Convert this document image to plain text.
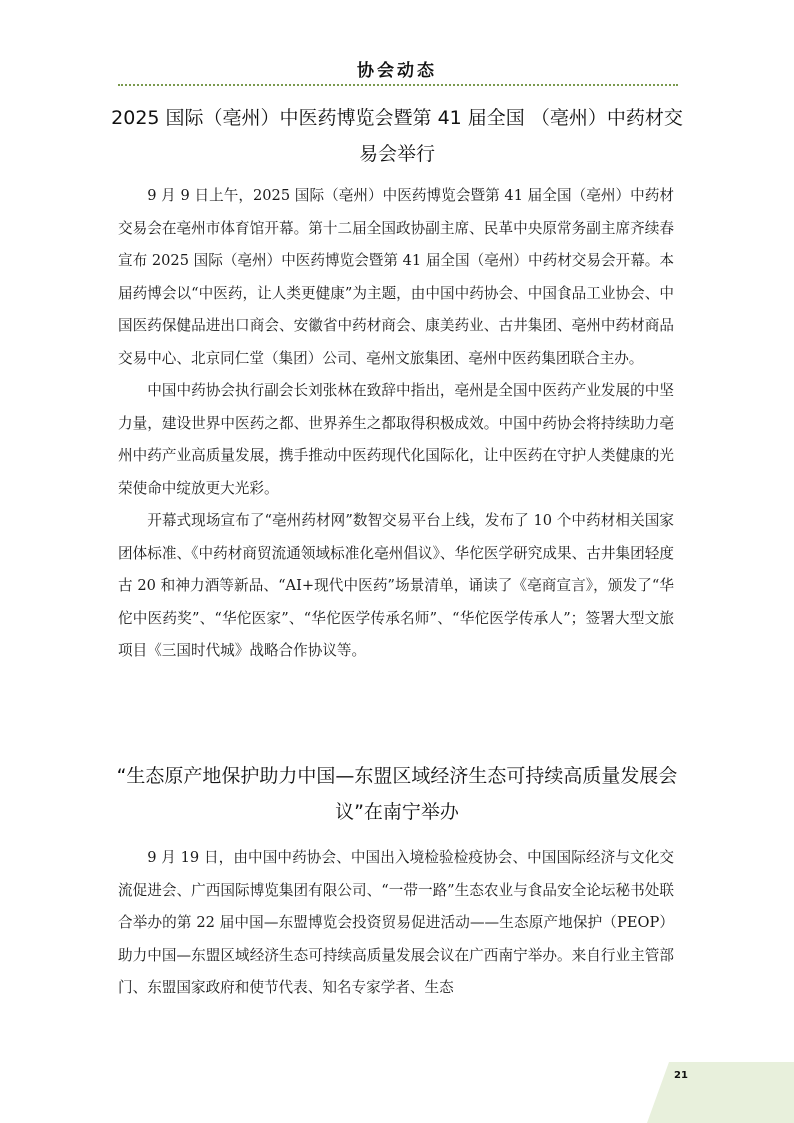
协会动态
2025 国际（亳州）中医药博览会暨第 41 届全国 （亳州）中药材交易会举行

9 月 9 日上午，2025 国际（亳州）中医药博览会暨第 41 届全国（亳州）中药材交易会在亳州市体育馆开幕。第十二届全国政协副主席、民革中央原常务副主席齐续春宣布 2025 国际（亳州）中医药博览会暨第 41 届全国（亳州）中药材交易会开幕。本届药博会以“中医药，让人类更健康”为主题，由中国中药协会、中国食品工业协会、中国医药保健品进出口商会、安徽省中药材商会、康美药业、古井集团、亳州中药材商品交易中心、北京同仁堂（集团）公司、亳州文旅集团、亳州中医药集团联合主办。

中国中药协会执行副会长刘张林在致辞中指出，亳州是全国中医药产业发展的中坚力量，建设世界中医药之都、世界养生之都取得积极成效。中国中药协会将持续助力亳州中药产业高质量发展，携手推动中医药现代化国际化，让中医药在守护人类健康的光荣使命中绽放更大光彩。

开幕式现场宣布了“亳州药材网”数智交易平台上线，发布了 10 个中药材相关国家团体标准、《中药材商贸流通领域标准化亳州倡议》、华佗医学研究成果、古井集团轻度古 20 和神力酒等新品、“AI+现代中医药”场景清单，诵读了《亳商宣言》，颁发了“华佗中医药奖”、“华佗医家”、“华佗医学传承名师”、“华佗医学传承人”；签署大型文旅项目《三国时代城》战略合作协议等。

“生态原产地保护助力中国—东盟区域经济生态可持续高质量发展会议”在南宁举办

9 月 19 日，由中国中药协会、中国出入境检验检疫协会、中国国际经济与文化交流促进会、广西国际博览集团有限公司、“一带一路”生态农业与食品安全论坛秘书处联合举办的第 22 届中国—东盟博览会投资贸易促进活动——生态原产地保护（PEOP）助力中国—东盟区域经济生态可持续高质量发展会议在广西南宁举办。来自行业主管部门、东盟国家政府和使节代表、知名专家学者、生态

21
